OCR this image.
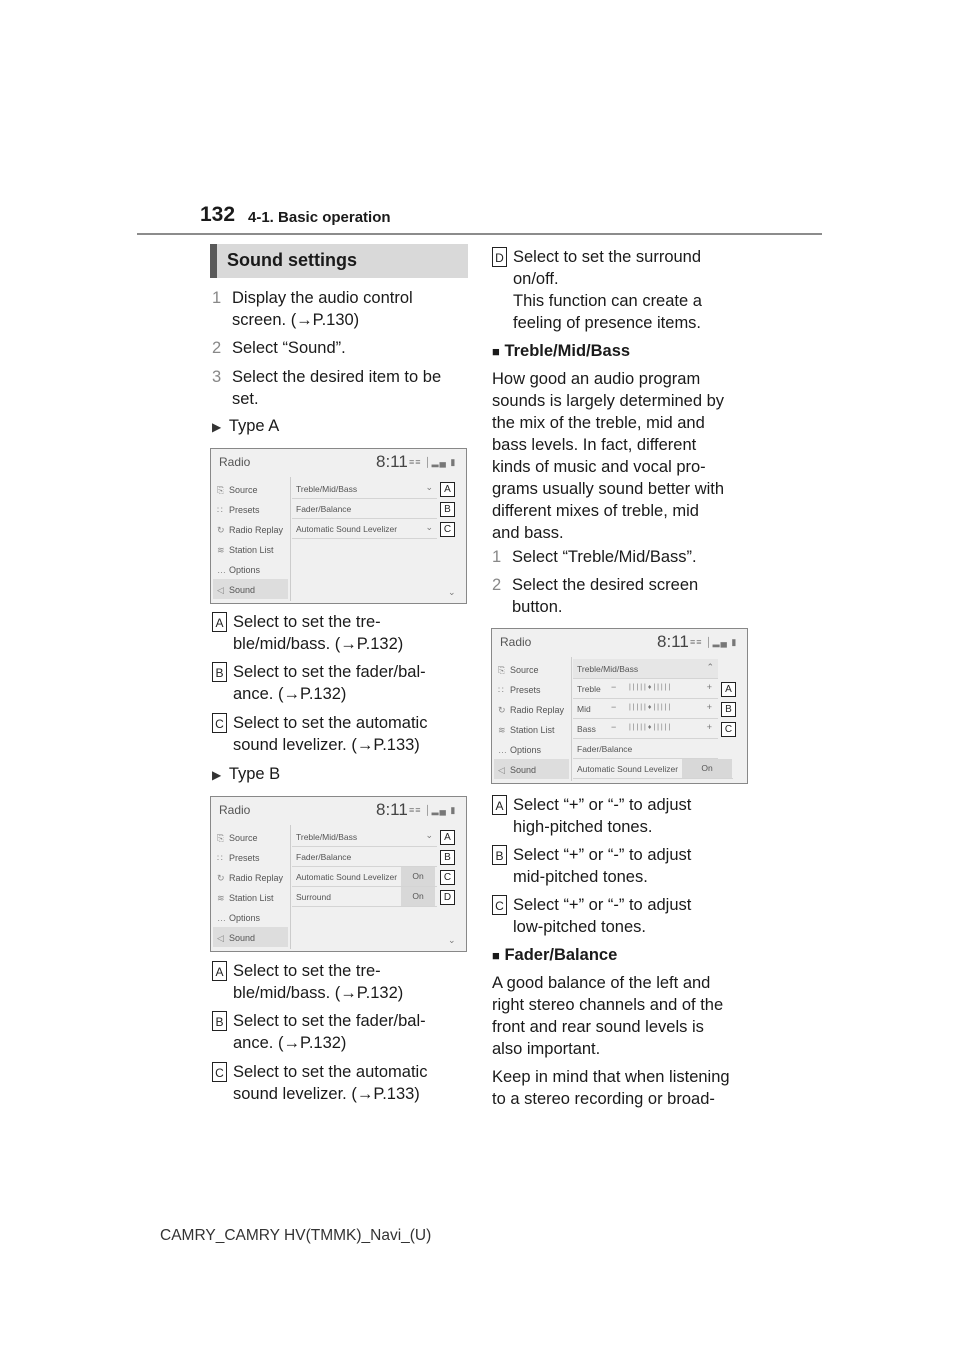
132 4-1. Basic operation
Sound settings
1 Display the audio control
screen. (→P.130)
2 Select “Sound”.
3 Select the desired item to be
set.
▶ Type A
Radio	8:11 ≡≡ │▂▄ ▮
⎘ Source
∷ Presets
↻ Radio Replay
≋ Station List
… Options
◁ Sound
Treble/Mid/Bass	⌄
Fader/Balance
Automatic Sound Levelizer	⌄
⌄
A
B
C
A Select to set the tre-
ble/mid/bass. (→P.132)
B Select to set the fader/bal-
ance. (→P.132)
C Select to set the automatic
sound levelizer. (→P.133)
▶ Type B
Radio	8:11 ≡≡ │▂▄ ▮
⎘ Source
∷ Presets
↻ Radio Replay
≋ Station List
… Options
◁ Sound
Treble/Mid/Bass	⌄
Fader/Balance
Automatic Sound Levelizer	On
Surround	On
⌄
A
B
C
D
A Select to set the tre-
ble/mid/bass. (→P.132)
B Select to set the fader/bal-
ance. (→P.132)
C Select to set the automatic
sound levelizer. (→P.133)
D Select to set the surround
on/off.
This function can create a
feeling of presence items.
■ Treble/Mid/Bass
How good an audio program
sounds is largely determined by
the mix of the treble, mid and
bass levels. In fact, different
kinds of music and vocal pro-
grams usually sound better with
different mixes of treble, mid
and bass.
1 Select “Treble/Mid/Bass”.
2 Select the desired screen
button.
Radio	8:11 ≡≡ │▂▄ ▮
⎘ Source
∷ Presets
↻ Radio Replay
≋ Station List
… Options
◁ Sound
Treble/Mid/Bass	⌃
Treble − | | | | | ♦ | | | | |	+
Mid − | | | | | ♦ | | | | |	+
Bass − | | | | | ♦ | | | | |	+
Fader/Balance
Automatic Sound Levelizer	On
A
B
C
A Select “+” or “-” to adjust
high-pitched tones.
B Select “+” or “-” to adjust
mid-pitched tones.
C Select “+” or “-” to adjust
low-pitched tones.
■ Fader/Balance
A good balance of the left and
right stereo channels and of the
front and rear sound levels is
also important.
Keep in mind that when listening
to a stereo recording or broad-
CAMRY_CAMRY HV(TMMK)_Navi_(U)
